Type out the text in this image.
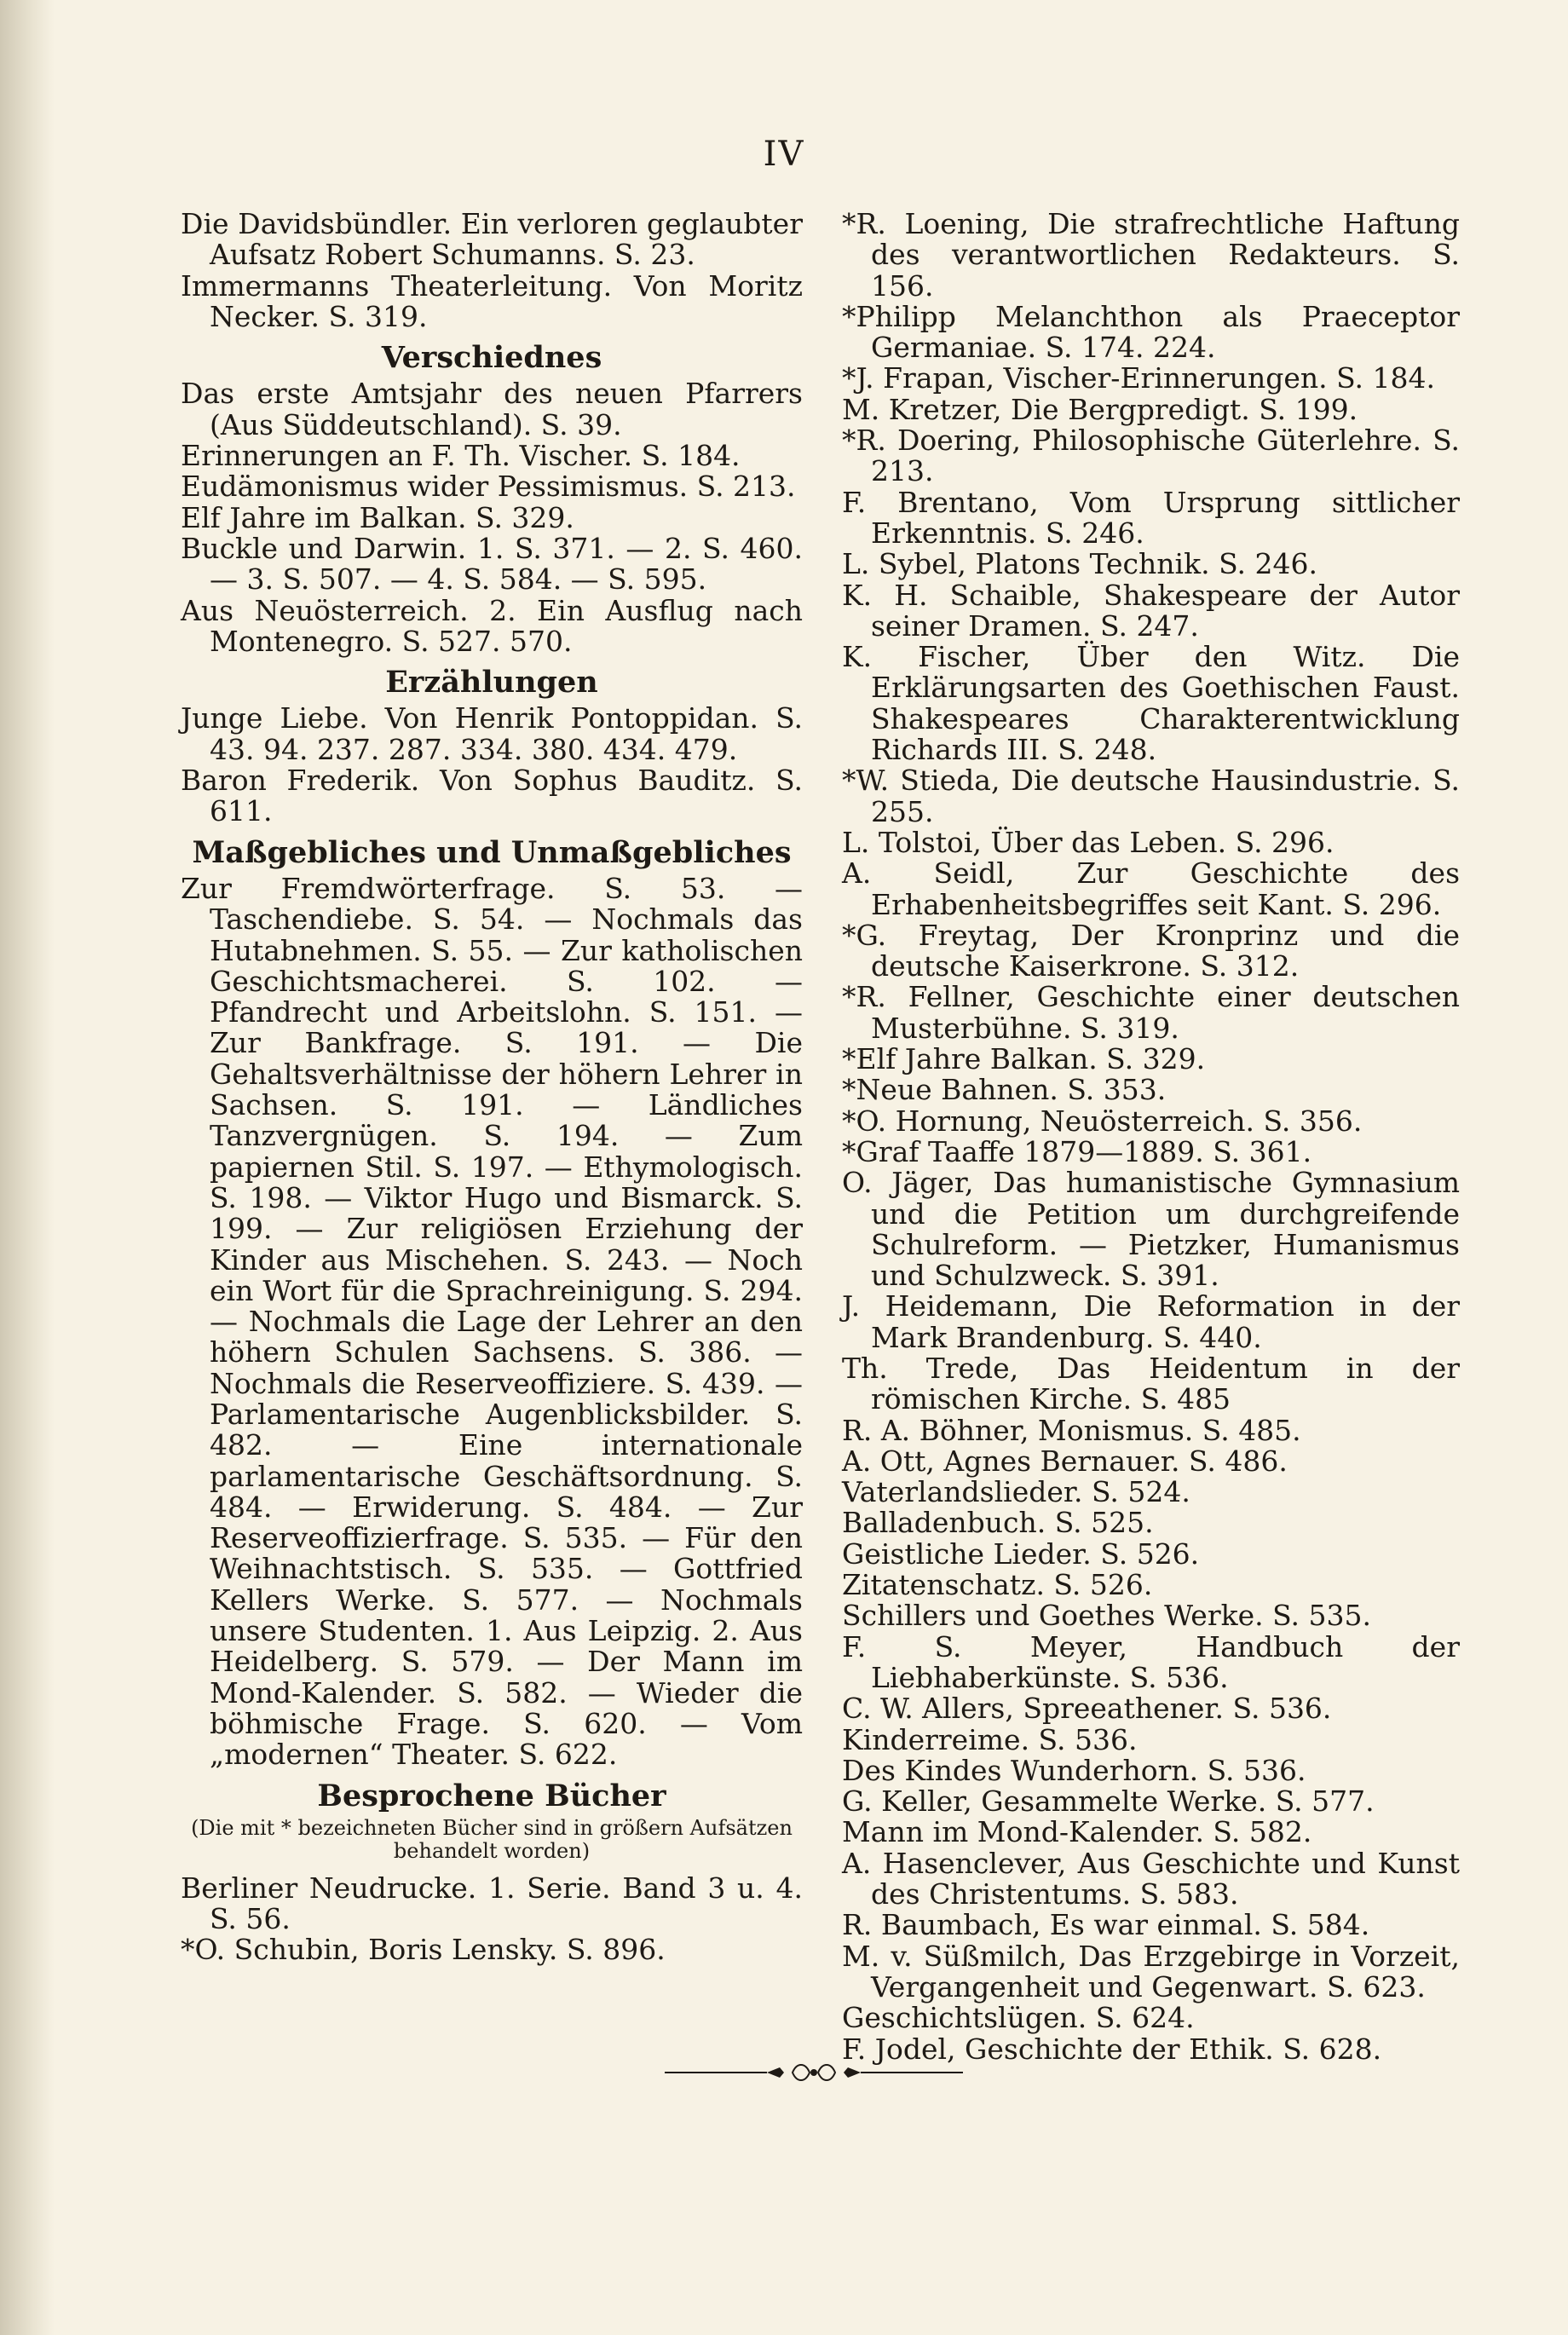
IV

Die Davidsbündler. Ein verloren geglaubter Aufsatz Robert Schumanns. S. 23.

Immermanns Theaterleitung. Von Moritz Necker. S. 319.

Verschiednes

Das erste Amtsjahr des neuen Pfarrers (Aus Süddeutschland). S. 39.

Erinnerungen an F. Th. Vischer. S. 184.

Eudämonismus wider Pessimismus. S. 213.

Elf Jahre im Balkan. S. 329.

Buckle und Darwin. 1. S. 371. — 2. S. 460. — 3. S. 507. — 4. S. 584. — S. 595.

Aus Neuösterreich. 2. Ein Ausflug nach Montenegro. S. 527. 570.

Erzählungen

Junge Liebe. Von Henrik Pontoppidan. S. 43. 94. 237. 287. 334. 380. 434. 479.

Baron Frederik. Von Sophus Bauditz. S. 611.

Maßgebliches und Unmaßgebliches

Zur Fremdwörterfrage. S. 53. — Taschendiebe. S. 54. — Nochmals das Hutabnehmen. S. 55. — Zur katholischen Geschichtsmacherei. S. 102. — Pfandrecht und Arbeitslohn. S. 151. — Zur Bankfrage. S. 191. — Die Gehaltsverhältnisse der höhern Lehrer in Sachsen. S. 191. — Ländliches Tanzvergnügen. S. 194. — Zum papiernen Stil. S. 197. — Ethymologisch. S. 198. — Viktor Hugo und Bismarck. S. 199. — Zur religiösen Erziehung der Kinder aus Mischehen. S. 243. — Noch ein Wort für die Sprachreinigung. S. 294. — Nochmals die Lage der Lehrer an den höhern Schulen Sachsens. S. 386. — Nochmals die Reserveoffiziere. S. 439. — Parlamentarische Augenblicksbilder. S. 482. — Eine internationale parlamentarische Geschäftsordnung. S. 484. — Erwiderung. S. 484. — Zur Reserveoffizierfrage. S. 535. — Für den Weihnachtstisch. S. 535. — Gottfried Kellers Werke. S. 577. — Nochmals unsere Studenten. 1. Aus Leipzig. 2. Aus Heidelberg. S. 579. — Der Mann im Mond-Kalender. S. 582. — Wieder die böhmische Frage. S. 620. — Vom „modernen“ Theater. S. 622.

Besprochene Bücher

(Die mit * bezeichneten Bücher sind in größern Aufsätzen behandelt worden)

Berliner Neudrucke. 1. Serie. Band 3 u. 4. S. 56.

*O. Schubin, Boris Lensky. S. 896.

*R. Loening, Die strafrechtliche Haftung des verantwortlichen Redakteurs. S. 156.

*Philipp Melanchthon als Praeceptor Germaniae. S. 174. 224.

*J. Frapan, Vischer-Erinnerungen. S. 184.

M. Kretzer, Die Bergpredigt. S. 199.

*R. Doering, Philosophische Güterlehre. S. 213.

F. Brentano, Vom Ursprung sittlicher Erkenntnis. S. 246.

L. Sybel, Platons Technik. S. 246.

K. H. Schaible, Shakespeare der Autor seiner Dramen. S. 247.

K. Fischer, Über den Witz. Die Erklärungsarten des Goethischen Faust. Shakespeares Charakterentwicklung Richards III. S. 248.

*W. Stieda, Die deutsche Hausindustrie. S. 255.

L. Tolstoi, Über das Leben. S. 296.

A. Seidl, Zur Geschichte des Erhabenheitsbegriffes seit Kant. S. 296.

*G. Freytag, Der Kronprinz und die deutsche Kaiserkrone. S. 312.

*R. Fellner, Geschichte einer deutschen Musterbühne. S. 319.

*Elf Jahre Balkan. S. 329.

*Neue Bahnen. S. 353.

*O. Hornung, Neuösterreich. S. 356.

*Graf Taaffe 1879—1889. S. 361.

O. Jäger, Das humanistische Gymnasium und die Petition um durchgreifende Schulreform. — Pietzker, Humanismus und Schulzweck. S. 391.

J. Heidemann, Die Reformation in der Mark Brandenburg. S. 440.

Th. Trede, Das Heidentum in der römischen Kirche. S. 485

R. A. Böhner, Monismus. S. 485.

A. Ott, Agnes Bernauer. S. 486.

Vaterlandslieder. S. 524.

Balladenbuch. S. 525.

Geistliche Lieder. S. 526.

Zitatenschatz. S. 526.

Schillers und Goethes Werke. S. 535.

F. S. Meyer, Handbuch der Liebhaberkünste. S. 536.

C. W. Allers, Spreeathener. S. 536.

Kinderreime. S. 536.

Des Kindes Wunderhorn. S. 536.

G. Keller, Gesammelte Werke. S. 577.

Mann im Mond-Kalender. S. 582.

A. Hasenclever, Aus Geschichte und Kunst des Christentums. S. 583.

R. Baumbach, Es war einmal. S. 584.

M. v. Süßmilch, Das Erzgebirge in Vorzeit, Vergangenheit und Gegenwart. S. 623.

Geschichtslügen. S. 624.

F. Jodel, Geschichte der Ethik. S. 628.
